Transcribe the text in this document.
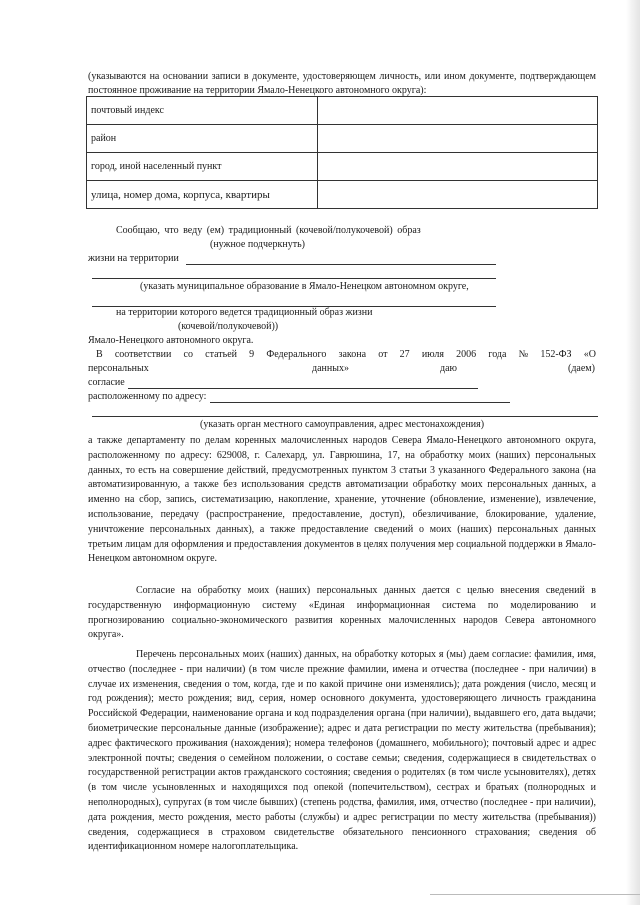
(указываются на основании записи в документе, удостоверяющем личность, или ином документе, подтверждающем постоянное проживание на территории Ямало-Ненецкого автономного округа):
почтовый индекс	
район	
город, иной населенный пункт	
улица, номер дома, корпуса, квартиры	
Сообщаю, что веду (ем) традиционный (кочевой/полукочевой) образ
(нужное подчеркнуть)
жизни на территории
(указать муниципальное образование в Ямало-Ненецком автономном округе,
на территории которого ведется традиционный образ жизни
(кочевой/полукочевой))
Ямало-Ненецкого автономного округа.
В соответствии со статьей 9 Федерального закона от 27 июля 2006 года № 152-ФЗ «О
персональных	данных»	даю	(даем)
согласие
расположенному по адресу:
(указать орган местного самоуправления, адрес местонахождения)
а также департаменту по делам коренных малочисленных народов Севера Ямало-Ненецкого автономного округа, расположенному по адресу: 629008, г. Салехард, ул. Гаврюшина, 17, на обработку моих (наших) персональных данных, то есть на совершение действий, предусмотренных пунктом 3 статьи 3 указанного Федерального закона (на автоматизированную, а также без использования средств автоматизации обработку моих персональных данных, а именно на сбор, запись, систематизацию, накопление, хранение, уточнение (обновление, изменение), извлечение, использование, передачу (распространение, предоставление, доступ), обезличивание, блокирование, удаление, уничтожение персональных данных), а также предоставление сведений о моих (наших) персональных данных третьим лицам для оформления и предоставления документов в целях получения мер социальной поддержки в Ямало-Ненецком автономном округе.
Согласие на обработку моих (наших) персональных данных дается с целью внесения сведений в государственную информационную систему «Единая информационная система по моделированию и прогнозированию социально-экономического развития коренных малочисленных народов Севера автономного округа».
Перечень персональных моих (наших) данных, на обработку которых я (мы) даем согласие: фамилия, имя, отчество (последнее - при наличии) (в том числе прежние фамилии, имена и отчества (последнее - при наличии) в случае их изменения, сведения о том, когда, где и по какой причине они изменялись); дата рождения (число, месяц и год рождения); место рождения; вид, серия, номер основного документа, удостоверяющего личность гражданина Российской Федерации, наименование органа и код подразделения органа (при наличии), выдавшего его, дата выдачи; биометрические персональные данные (изображение); адрес и дата регистрации по месту жительства (пребывания); адрес фактического проживания (нахождения); номера телефонов (домашнего, мобильного); почтовый адрес и адрес электронной почты; сведения о семейном положении, о составе семьи; сведения, содержащиеся в свидетельствах о государственной регистрации актов гражданского состояния; сведения о родителях (в том числе усыновителях), детях (в том числе усыновленных и находящихся под опекой (попечительством), сестрах и братьях (полнородных и неполнородных), супругах (в том числе бывших) (степень родства, фамилия, имя, отчество (последнее - при наличии), дата рождения, место рождения, место работы (службы) и адрес регистрации по месту жительства (пребывания)) сведения, содержащиеся в страховом свидетельстве обязательного пенсионного страхования; сведения об идентификационном номере налогоплательщика.
